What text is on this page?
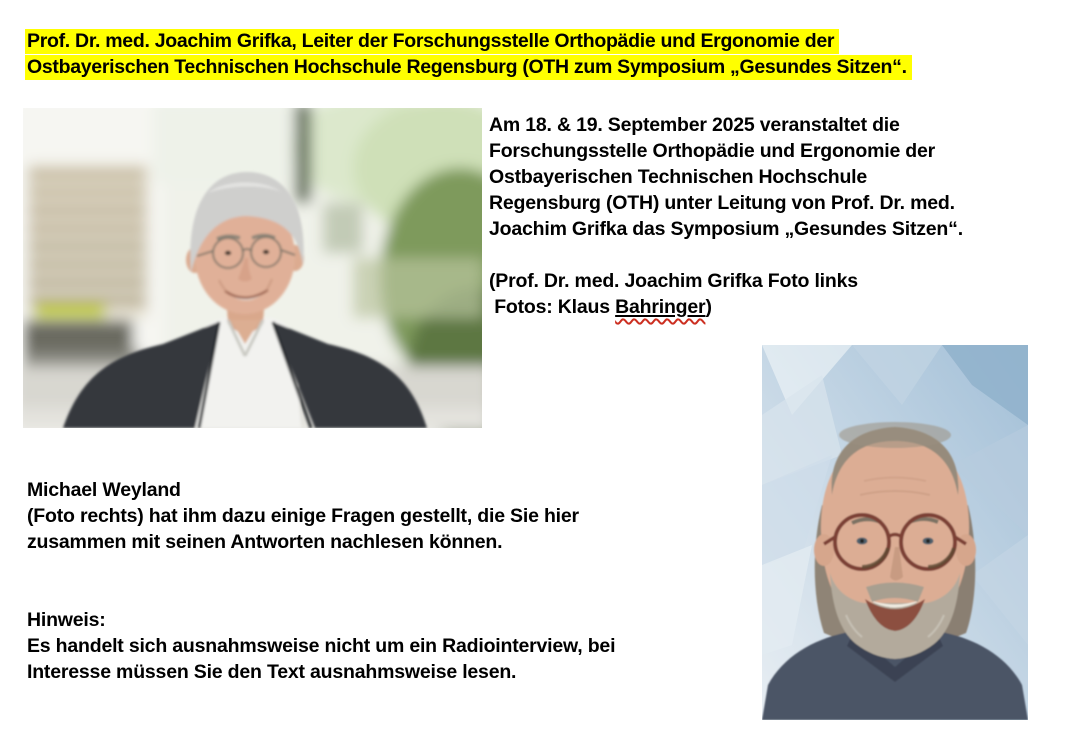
Prof. Dr. med. Joachim Grifka, Leiter der Forschungsstelle Orthopädie und Ergonomie der
Ostbayerischen Technischen Hochschule Regensburg (OTH zum Symposium „Gesundes Sitzen“.
Am 18. & 19. September 2025 veranstaltet die
Forschungsstelle Orthopädie und Ergonomie der
Ostbayerischen Technischen Hochschule
Regensburg (OTH) unter Leitung von Prof. Dr. med.
Joachim Grifka das Symposium „Gesundes Sitzen“.
(Prof. Dr. med. Joachim Grifka Foto links
Fotos: Klaus Bahringer)
Michael Weyland
(Foto rechts) hat ihm dazu einige Fragen gestellt, die Sie hier
zusammen mit seinen Antworten nachlesen können.
Hinweis:
Es handelt sich ausnahmsweise nicht um ein Radiointerview, bei
Interesse müssen Sie den Text ausnahmsweise lesen.
